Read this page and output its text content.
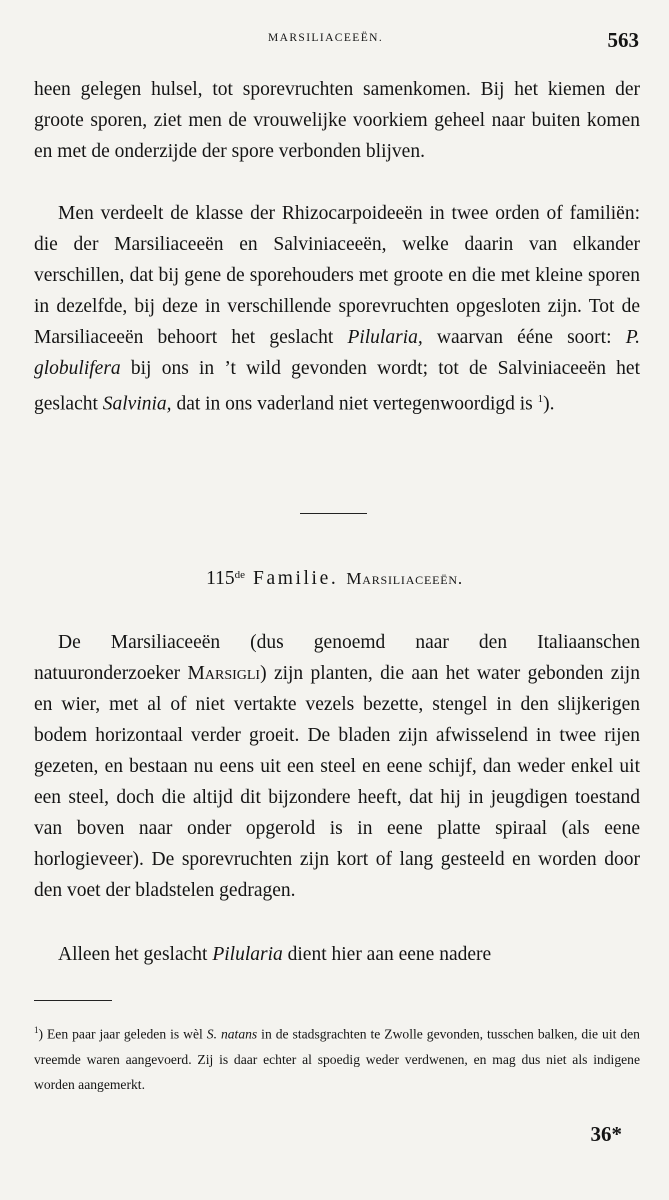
MARSILIACEEËN.	563

heen gelegen hulsel, tot sporevruchten samenkomen. Bij het kiemen der groote sporen, ziet men de vrouwelijke voorkiem geheel naar buiten komen en met de onderzijde der spore verbonden blijven.

Men verdeelt de klasse der Rhizocarpoideeën in twee orden of familiën: die der Marsiliaceeën en Salviniaceeën, welke daarin van elkander verschillen, dat bij gene de sporehouders met groote en die met kleine sporen in dezelfde, bij deze in verschillende sporevruchten opgesloten zijn. Tot de Marsiliaceeën behoort het geslacht Pilularia, waarvan ééne soort: P. globulifera bij ons in ’t wild gevonden wordt; tot de Salviniaceeën het geslacht Salvinia, dat in ons vaderland niet vertegenwoordigd is $^1$).

115de Familie. Marsiliaceeën.

De Marsiliaceeën (dus genoemd naar den Italiaanschen natuuronderzoeker Marsigli) zijn planten, die aan het water gebonden zijn en wier, met al of niet vertakte vezels bezette, stengel in den slijkerigen bodem horizontaal verder groeit. De bladen zijn afwisselend in twee rijen gezeten, en bestaan nu eens uit een steel en eene schijf, dan weder enkel uit een steel, doch die altijd dit bijzondere heeft, dat hij in jeugdigen toestand van boven naar onder opgerold is in eene platte spiraal (als eene horlogieveer). De sporevruchten zijn kort of lang gesteeld en worden door den voet der bladstelen gedragen.

Alleen het geslacht Pilularia dient hier aan eene nadere

$^1$) Een paar jaar geleden is wèl S. natans in de stadsgrachten te Zwolle gevonden, tusschen balken, die uit den vreemde waren aangevoerd. Zij is daar echter al spoedig weder verdwenen, en mag dus niet als indigene worden aangemerkt.

36*
